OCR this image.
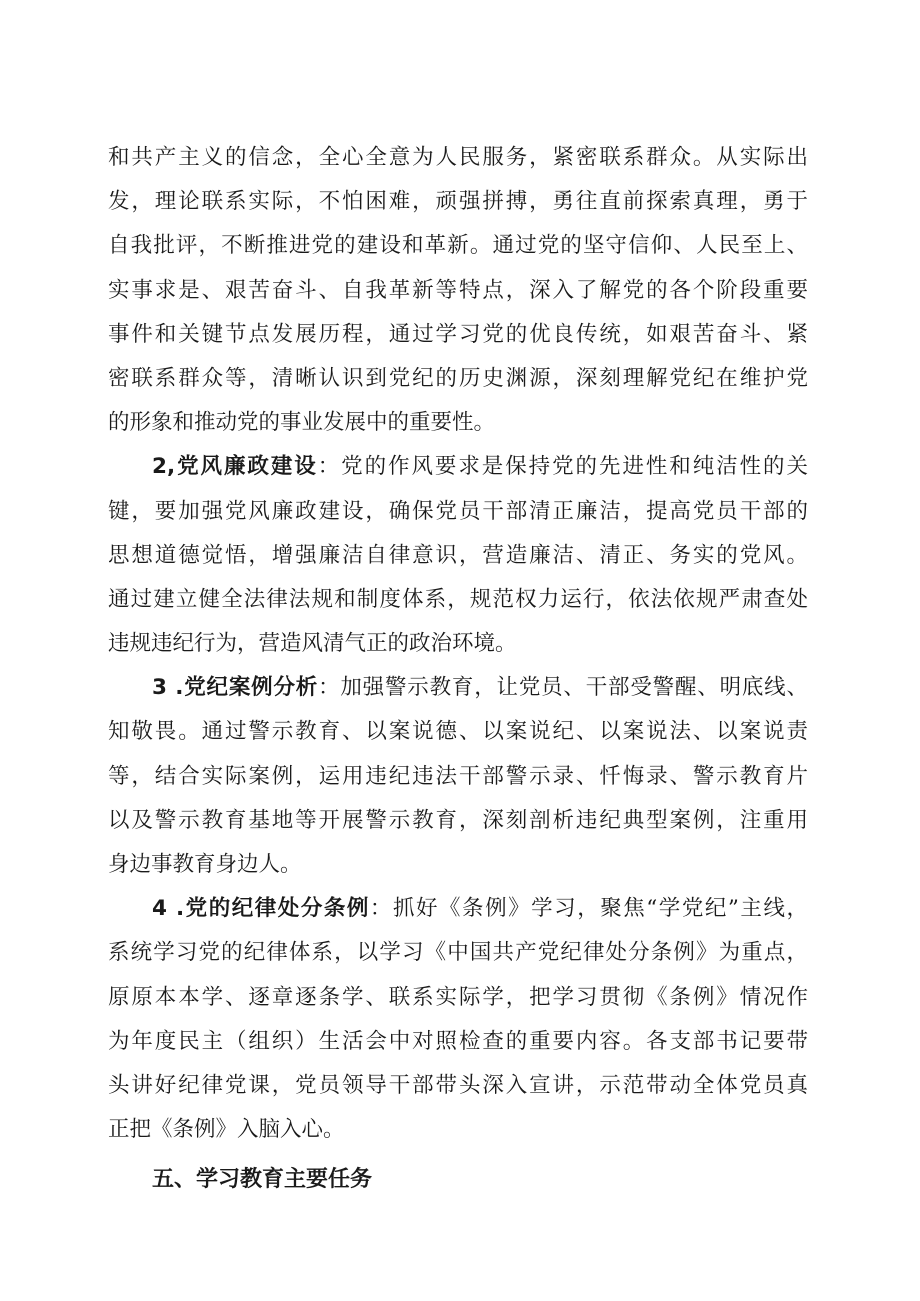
和共产主义的信念，全心全意为人民服务，紧密联系群众。从实际出
发，理论联系实际，不怕困难，顽强拼搏，勇往直前探索真理，勇于
自我批评，不断推进党的建设和革新。通过党的坚守信仰、人民至上、
实事求是、艰苦奋斗、自我革新等特点，深入了解党的各个阶段重要
事件和关键节点发展历程，通过学习党的优良传统，如艰苦奋斗、紧
密联系群众等，清晰认识到党纪的历史渊源，深刻理解党纪在维护党
的形象和推动党的事业发展中的重要性。
2,党风廉政建设：党的作风要求是保持党的先进性和纯洁性的关
键，要加强党风廉政建设，确保党员干部清正廉洁，提高党员干部的
思想道德觉悟，增强廉洁自律意识，营造廉洁、清正、务实的党风。
通过建立健全法律法规和制度体系，规范权力运行，依法依规严肃查处
违规违纪行为，营造风清气正的政治环境。
3 .党纪案例分析：加强警示教育，让党员、干部受警醒、明底线、
知敬畏。通过警示教育、以案说德、以案说纪、以案说法、以案说责
等，结合实际案例，运用违纪违法干部警示录、忏悔录、警示教育片
以及警示教育基地等开展警示教育，深刻剖析违纪典型案例，注重用
身边事教育身边人。
4 .党的纪律处分条例：抓好《条例》学习，聚焦“学党纪”主线，
系统学习党的纪律体系，以学习《中国共产党纪律处分条例》为重点，
原原本本学、逐章逐条学、联系实际学，把学习贯彻《条例》情况作
为年度民主（组织）生活会中对照检查的重要内容。各支部书记要带
头讲好纪律党课，党员领导干部带头深入宣讲，示范带动全体党员真
正把《条例》入脑入心。
五、学习教育主要任务
